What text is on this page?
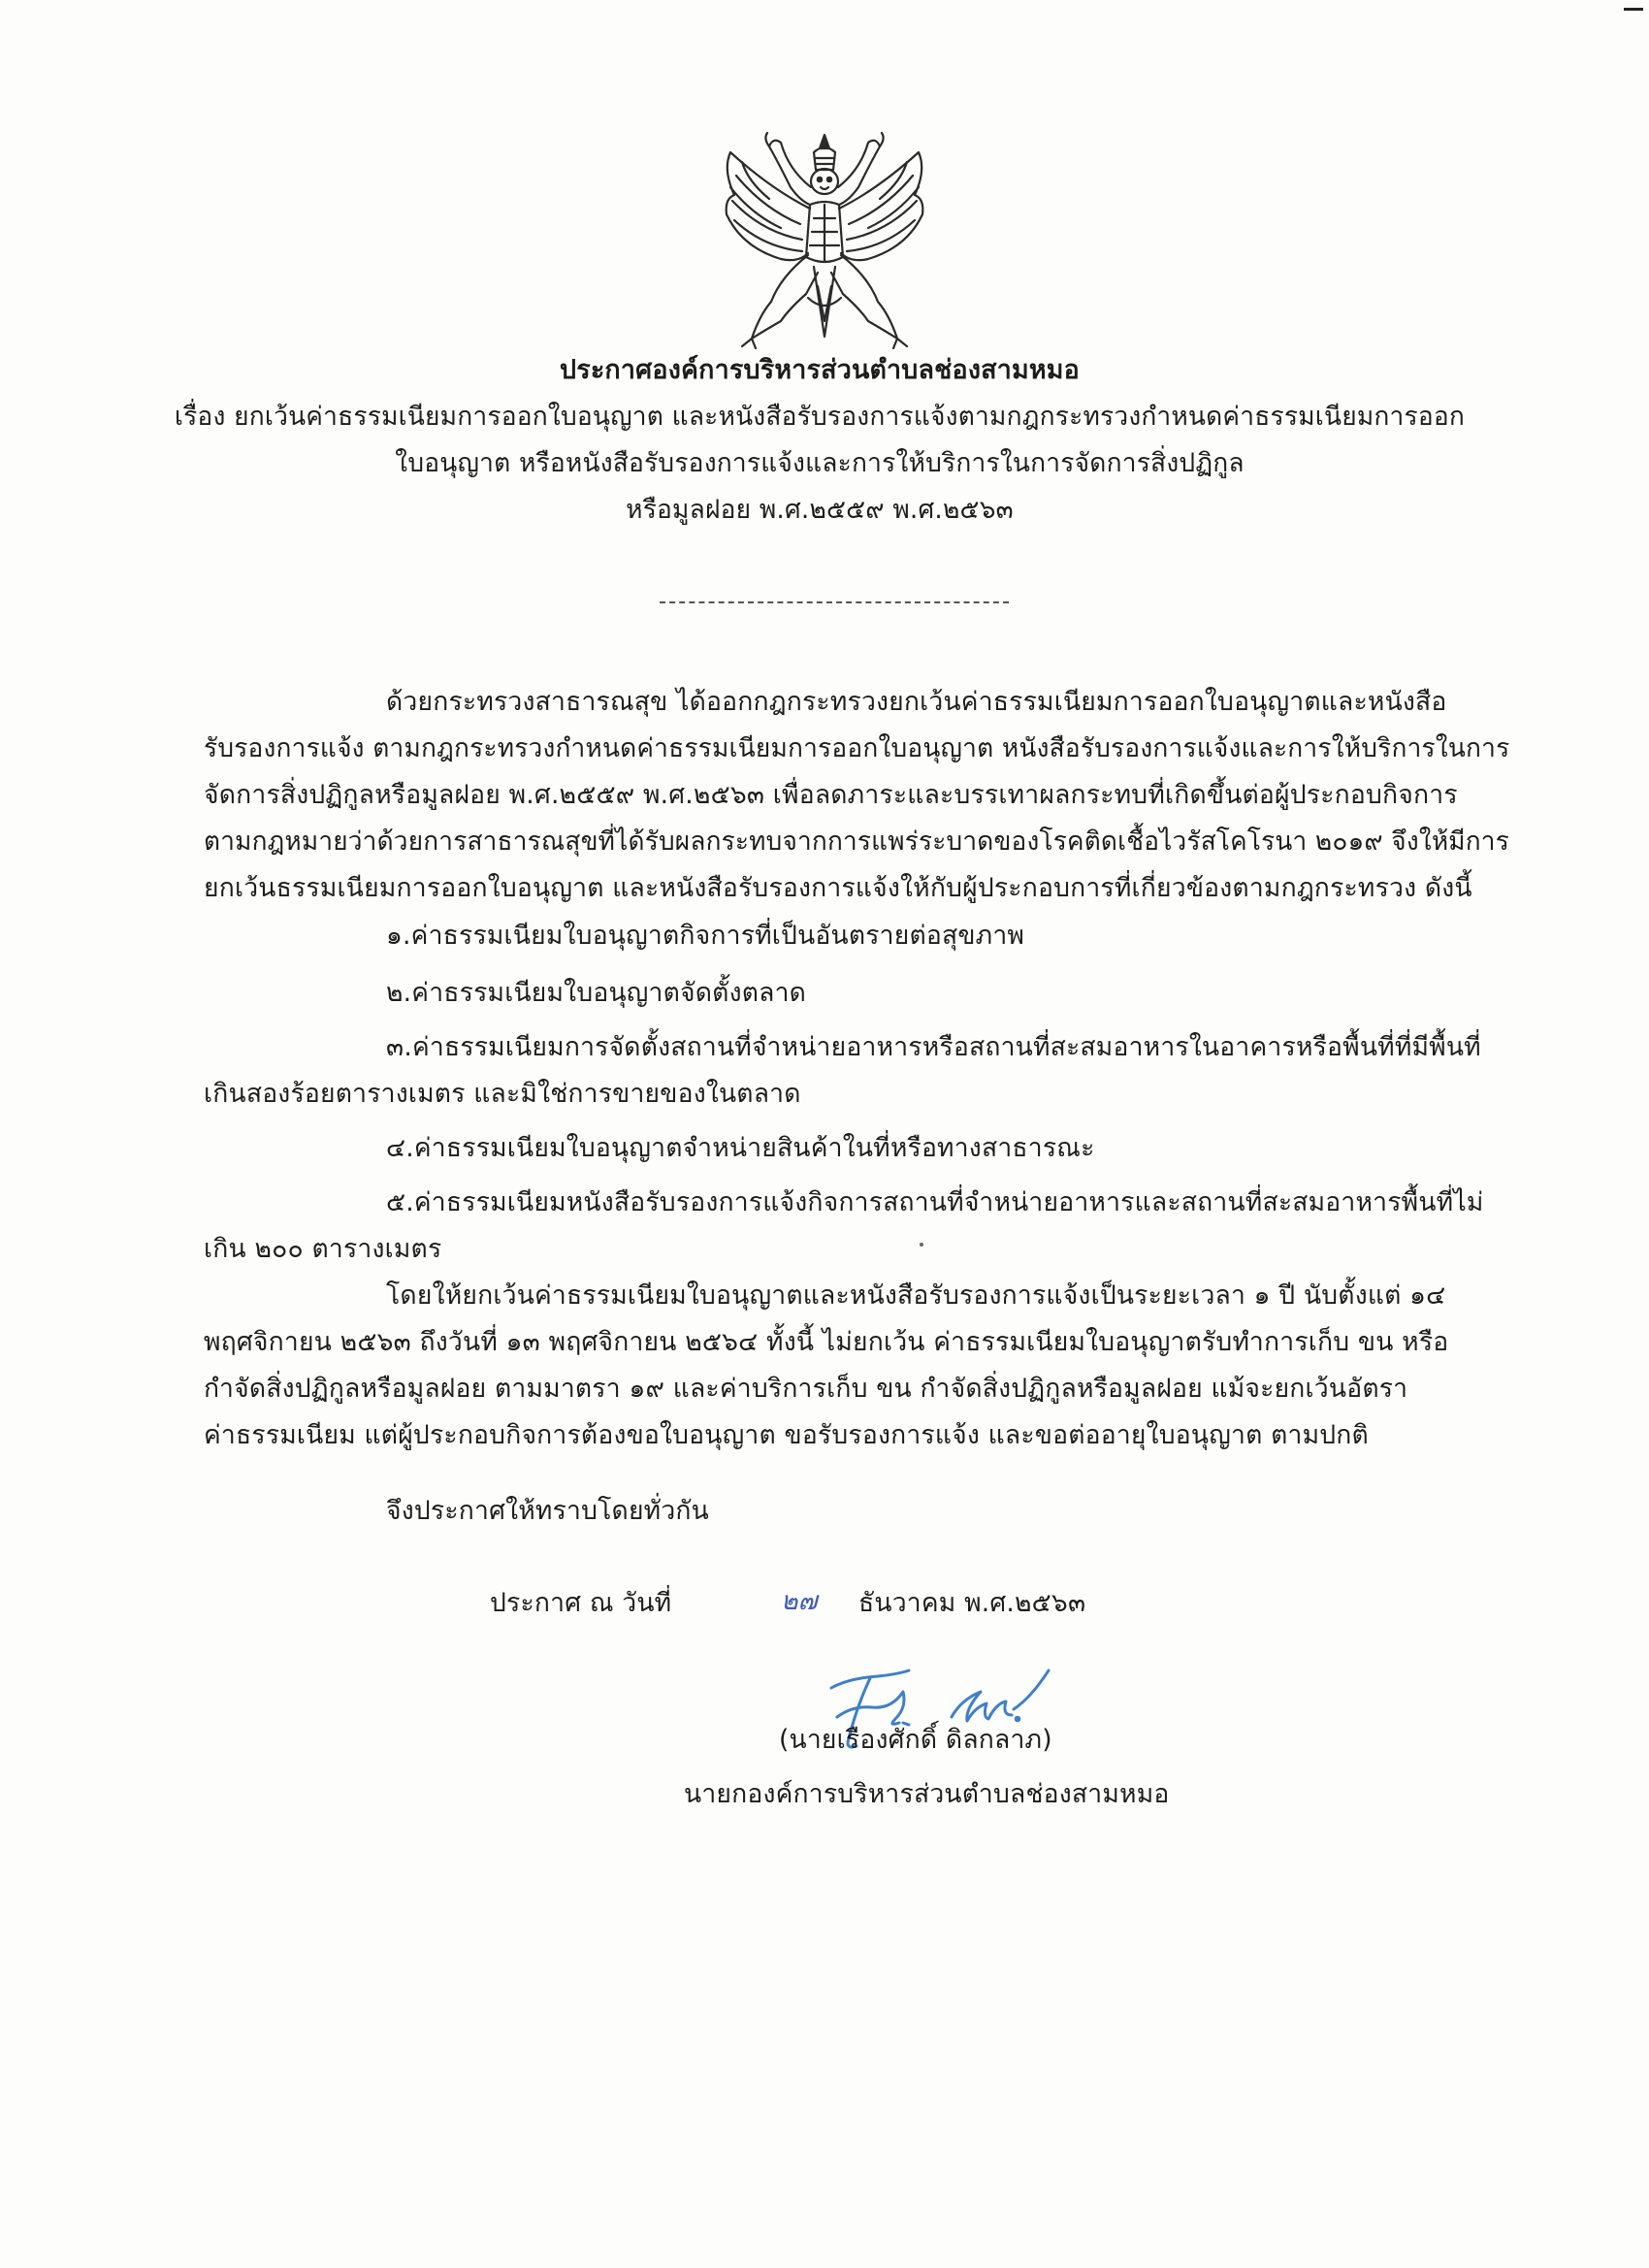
ประกาศองค์การบริหารส่วนตำบลช่องสามหมอ
เรื่อง ยกเว้นค่าธรรมเนียมการออกใบอนุญาต และหนังสือรับรองการแจ้งตามกฎกระทรวงกำหนดค่าธรรมเนียมการออก
ใบอนุญาต หรือหนังสือรับรองการแจ้งและการให้บริการในการจัดการสิ่งปฏิกูล
หรือมูลฝอย พ.ศ.๒๕๕๙ พ.ศ.๒๕๖๓
ด้วยกระทรวงสาธารณสุข ได้ออกกฎกระทรวงยกเว้นค่าธรรมเนียมการออกใบอนุญาตและหนังสือ
รับรองการแจ้ง ตามกฎกระทรวงกำหนดค่าธรรมเนียมการออกใบอนุญาต หนังสือรับรองการแจ้งและการให้บริการในการ
จัดการสิ่งปฏิกูลหรือมูลฝอย พ.ศ.๒๕๕๙ พ.ศ.๒๕๖๓ เพื่อลดภาระและบรรเทาผลกระทบที่เกิดขึ้นต่อผู้ประกอบกิจการ
ตามกฎหมายว่าด้วยการสาธารณสุขที่ได้รับผลกระทบจากการแพร่ระบาดของโรคติดเชื้อไวรัสโคโรนา ๒๐๑๙ จึงให้มีการ
ยกเว้นธรรมเนียมการออกใบอนุญาต และหนังสือรับรองการแจ้งให้กับผู้ประกอบการที่เกี่ยวข้องตามกฎกระทรวง ดังนี้
๑.ค่าธรรมเนียมใบอนุญาตกิจการที่เป็นอันตรายต่อสุขภาพ
๒.ค่าธรรมเนียมใบอนุญาตจัดตั้งตลาด
๓.ค่าธรรมเนียมการจัดตั้งสถานที่จำหน่ายอาหารหรือสถานที่สะสมอาหารในอาคารหรือพื้นที่ที่มีพื้นที่
เกินสองร้อยตารางเมตร และมิใช่การขายของในตลาด
๔.ค่าธรรมเนียมใบอนุญาตจำหน่ายสินค้าในที่หรือทางสาธารณะ
๕.ค่าธรรมเนียมหนังสือรับรองการแจ้งกิจการสถานที่จำหน่ายอาหารและสถานที่สะสมอาหารพื้นที่ไม่
เกิน ๒๐๐ ตารางเมตร
โดยให้ยกเว้นค่าธรรมเนียมใบอนุญาตและหนังสือรับรองการแจ้งเป็นระยะเวลา ๑ ปี นับตั้งแต่ ๑๔
พฤศจิกายน ๒๕๖๓ ถึงวันที่ ๑๓ พฤศจิกายน ๒๕๖๔ ทั้งนี้ ไม่ยกเว้น ค่าธรรมเนียมใบอนุญาตรับทำการเก็บ ขน หรือ
กำจัดสิ่งปฏิกูลหรือมูลฝอย ตามมาตรา ๑๙ และค่าบริการเก็บ ขน กำจัดสิ่งปฏิกูลหรือมูลฝอย แม้จะยกเว้นอัตรา
ค่าธรรมเนียม แต่ผู้ประกอบกิจการต้องขอใบอนุญาต ขอรับรองการแจ้ง และขอต่ออายุใบอนุญาต ตามปกติ
จึงประกาศให้ทราบโดยทั่วกัน
ประกาศ ณ วันที่	๒๗ ธันวาคม พ.ศ.๒๕๖๓
(นายเรืองศักดิ์ ดิลกลาภ)
นายกองค์การบริหารส่วนตำบลช่องสามหมอ
